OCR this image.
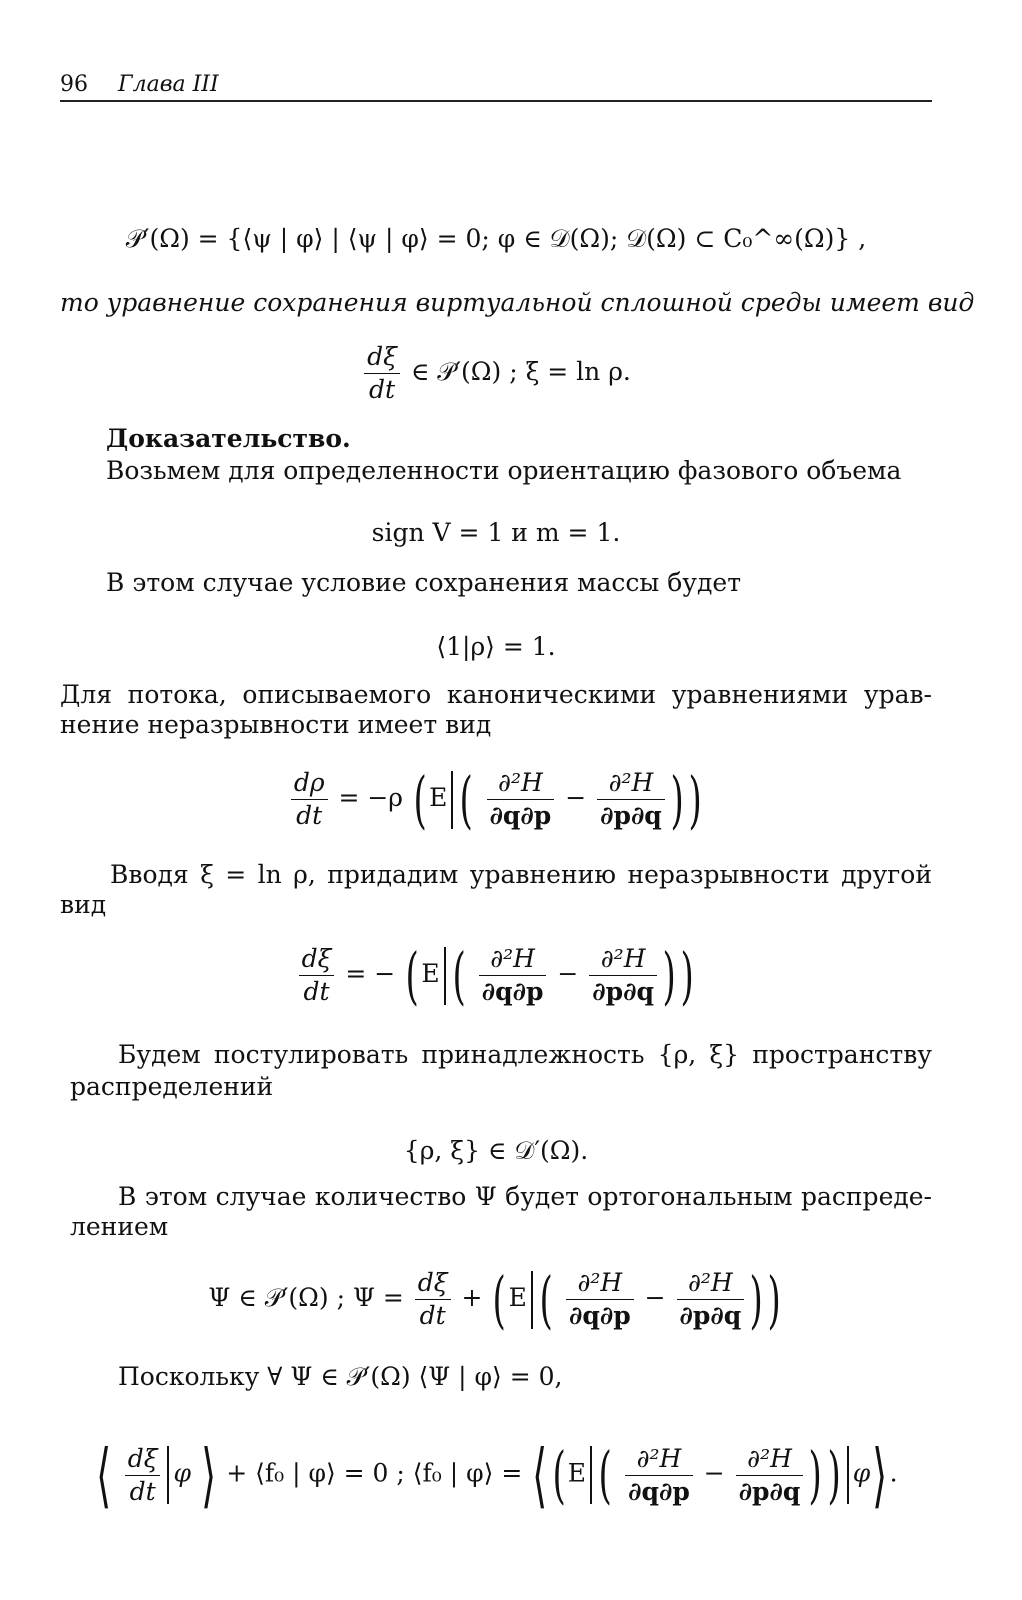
96 Глава III
𝒫′(Ω) = {⟨ψ | φ⟩ | ⟨ψ | φ⟩ = 0; φ ∈ 𝒟(Ω); 𝒟(Ω) ⊂ C₀^∞(Ω)} ,
то уравнение сохранения виртуальной сплошной среды имеет вид
$\frac{d\xi}{dt}$ ∈ 𝒫′(Ω) ; ξ = ln ρ.
Доказательство.
Возьмем для определенности ориентацию фазового объема
sign V = 1 и m = 1.
В этом случае условие сохранения массы будет
⟨1|ρ⟩ = 1.
Для потока, описываемого каноническими уравнениями урав-
нение неразрывности имеет вид
$\frac{d\rho}{dt} = -\rho$ (E ( $\frac{\text{∂²H}}{\partial q\partial p} - \frac{\text{∂²H}}{\partial p\partial q}$ ))
Вводя ξ = ln ρ, придадим уравнению неразрывности другой
вид
$\frac{d\xi}{dt}$ = − (E ( $\frac{\text{∂²H}}{\partial q\partial p} - \frac{\text{∂²H}}{\partial p\partial q}$ ))
Будем постулировать принадлежность {ρ, ξ} пространству
распределений
{ρ, ξ} ∈ 𝒟′(Ω).
В этом случае количество Ψ будет ортогональным распреде-
лением
Ψ ∈ 𝒫′(Ω) ; $\Psi = \frac{d\xi}{dt} + (E$ ( $\frac{\text{∂²H}}{\partial q\partial p} - \frac{\text{∂²H}}{\partial p\partial q}$ ))
Поскольку ∀ Ψ ∈ 𝒫′(Ω) ⟨Ψ | φ⟩ = 0,
⟨ $\frac{d\xi}{dt}$ φ ⟩ + ⟨f₀ | φ⟩ = 0 ; ⟨f₀ | φ⟩ = ⟨(E ( $\frac{\text{∂²H}}{\partial q\partial p} - \frac{\text{∂²H}}{\partial p\partial q}$ )) φ⟩.
